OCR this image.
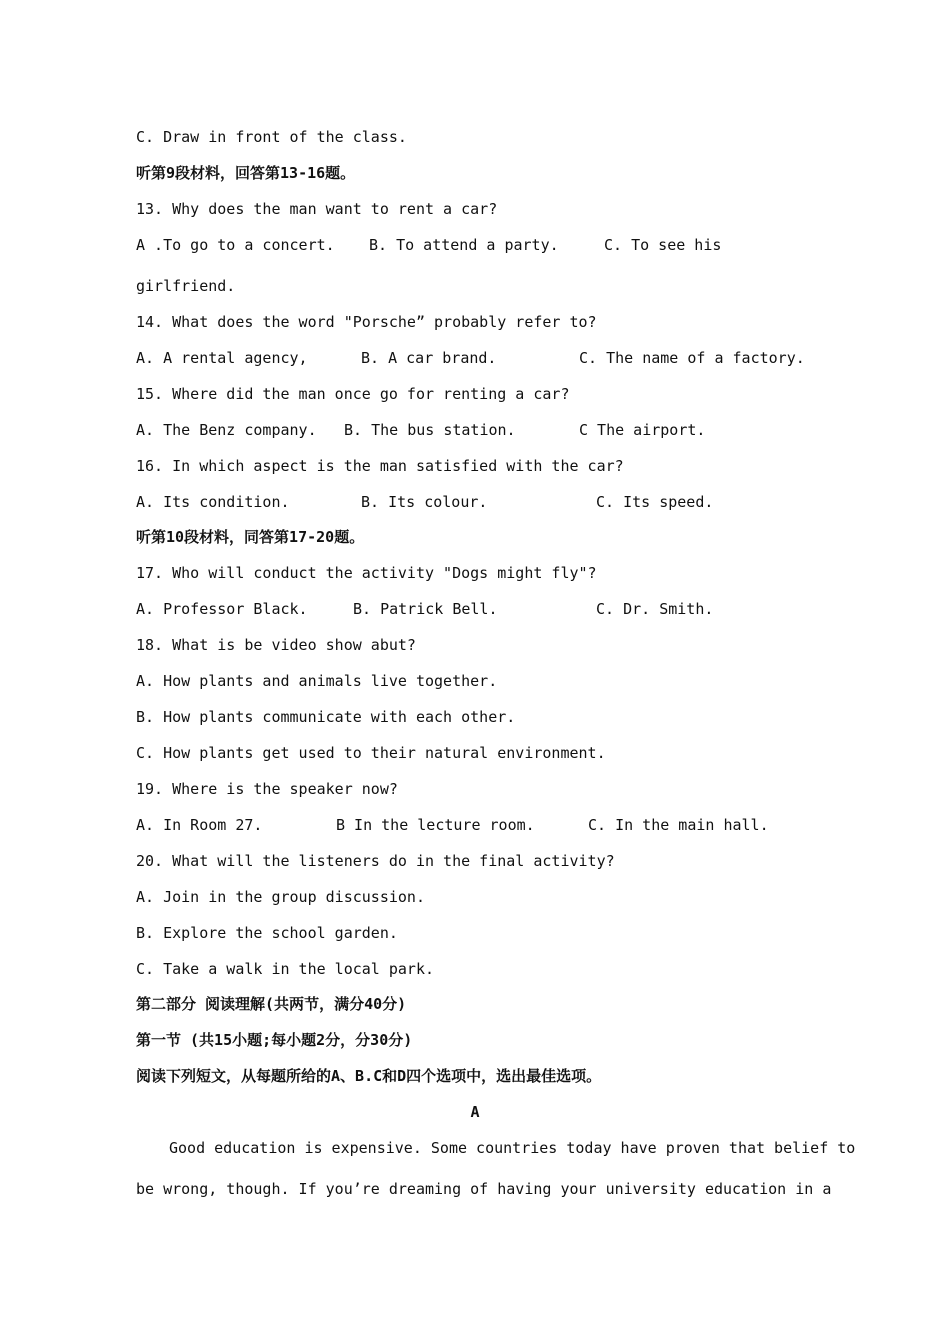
C. Draw in front of the class.
听第9段材料，回答第13-16题。
13. Why does the man want to rent a car?
A .To go to a concert. B. To attend a party.	C. To see his
girlfriend.
14. What does the word "Porsche” probably refer to?
A. A rental agency,	B. A car brand.	C. The name of a factory.
15. Where did the man once go for renting a car?
A. The Benz company. B. The bus station.	C The airport.
16. In which aspect is the man satisfied with the car?
A. Its condition.	B. Its colour.	C. Its speed.
听第10段材料，同答第17-20题。
17. Who will conduct the activity "Dogs might fly"?
A. Professor Black.	B. Patrick Bell.	C. Dr. Smith.
18. What is be video show abut?
A. How plants and animals live together.
B. How plants communicate with each other.
C. How plants get used to their natural environment.
19. Where is the speaker now?
A. In Room 27.	B In the lecture room.	C. In the main hall.
20. What will the listeners do in the final activity?
A. Join in the group discussion.
B. Explore the school garden.
C. Take a walk in the local park.
第二部分 阅读理解(共两节，满分40分)
第一节 (共15小题;每小题2分，分30分)
阅读下列短文，从每题所给的A、B.C和D四个选项中，选出最佳选项。
A
Good education is expensive. Some countries today have proven that belief to
be wrong, though. If you’re dreaming of having your university education in a
